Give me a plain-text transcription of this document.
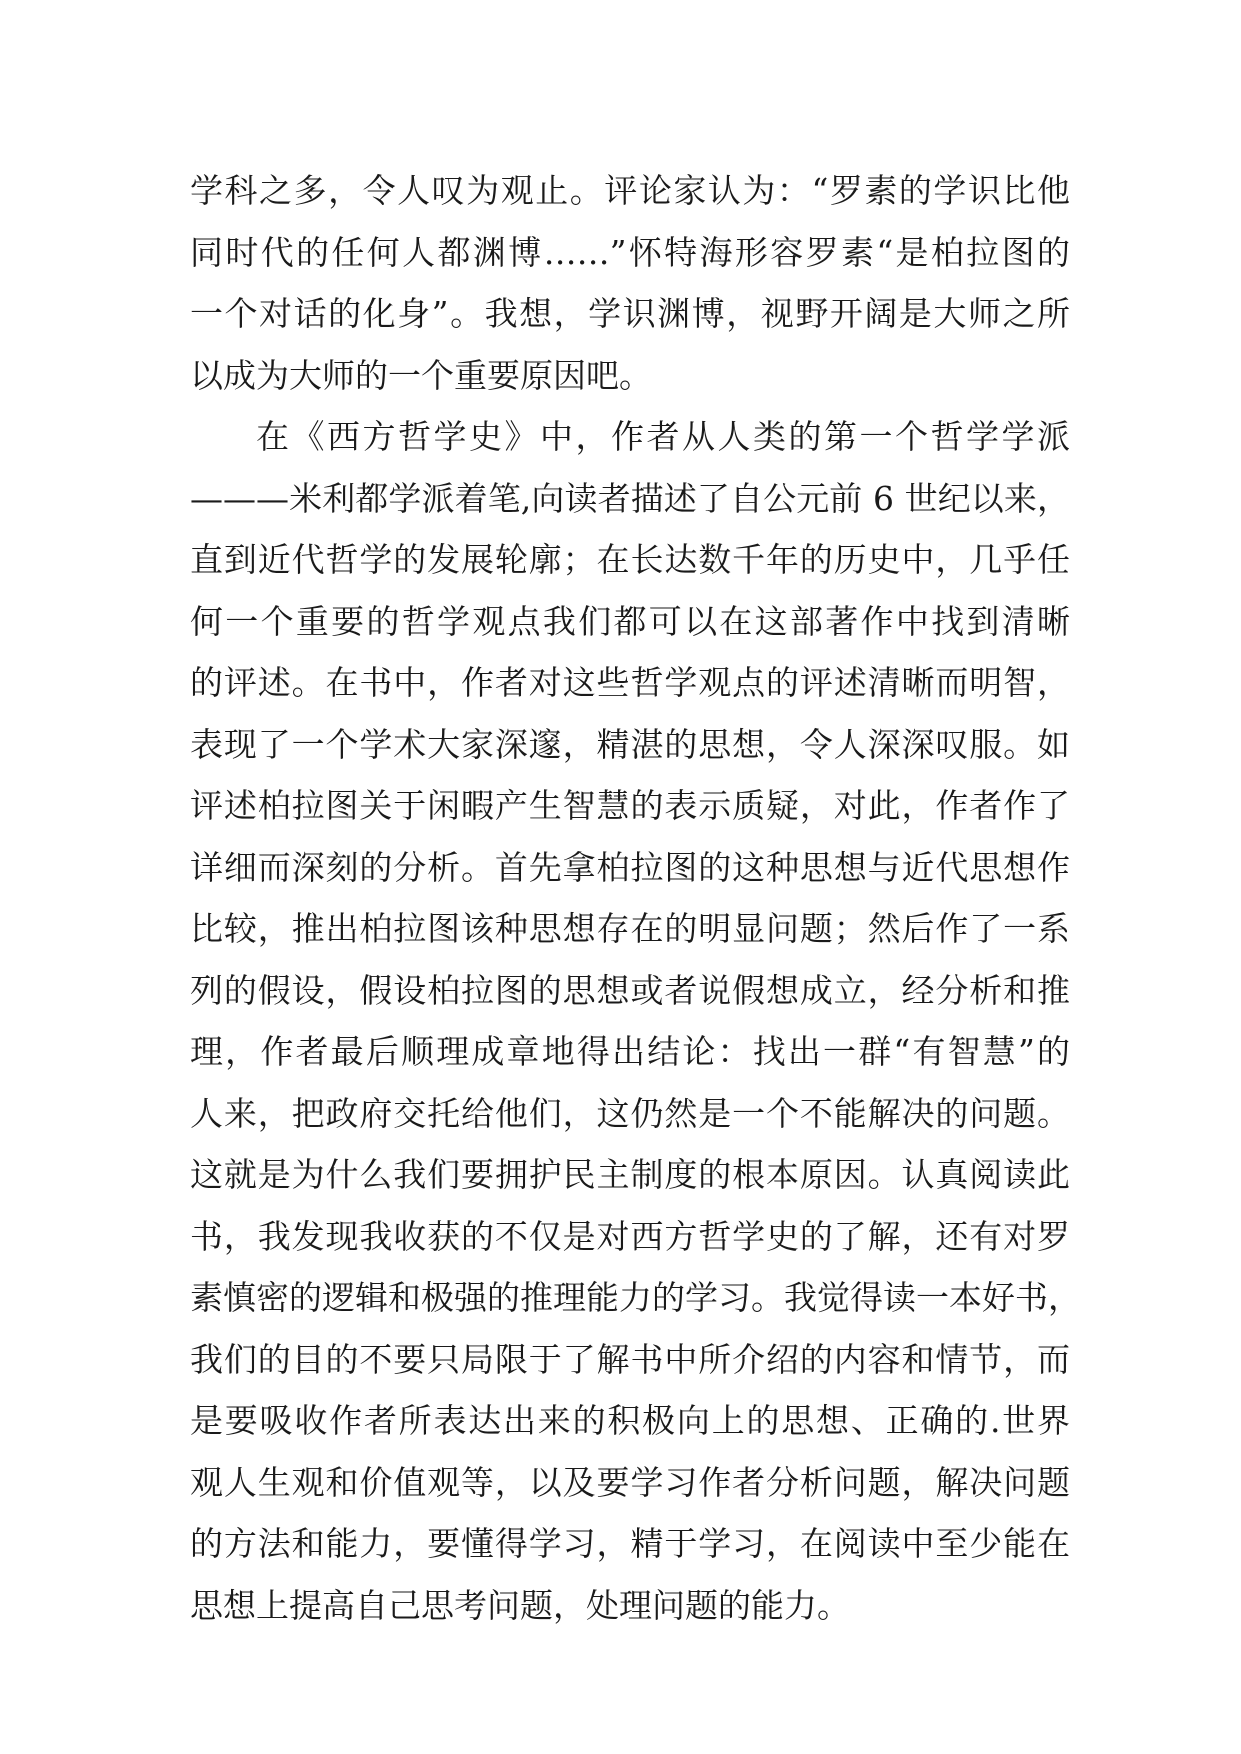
学科之多，令人叹为观止。评论家认为：“罗素的学识比他
同时代的任何人都渊博……”怀特海形容罗素“是柏拉图的
一个对话的化身”。我想，学识渊博，视野开阔是大师之所
以成为大师的一个重要原因吧。
在《西方哲学史》中，作者从人类的第一个哲学学派
———米利都学派着笔,向读者描述了自公元前 6 世纪以来，
直到近代哲学的发展轮廓；在长达数千年的历史中，几乎任
何一个重要的哲学观点我们都可以在这部著作中找到清晰
的评述。在书中，作者对这些哲学观点的评述清晰而明智，
表现了一个学术大家深邃，精湛的思想，令人深深叹服。如
评述柏拉图关于闲暇产生智慧的表示质疑，对此，作者作了
详细而深刻的分析。首先拿柏拉图的这种思想与近代思想作
比较，推出柏拉图该种思想存在的明显问题；然后作了一系
列的假设，假设柏拉图的思想或者说假想成立，经分析和推
理，作者最后顺理成章地得出结论：找出一群“有智慧”的
人来，把政府交托给他们，这仍然是一个不能解决的问题。
这就是为什么我们要拥护民主制度的根本原因。认真阅读此
书，我发现我收获的不仅是对西方哲学史的了解，还有对罗
素慎密的逻辑和极强的推理能力的学习。我觉得读一本好书，
我们的目的不要只局限于了解书中所介绍的内容和情节，而
是要吸收作者所表达出来的积极向上的思想、正确的.世界
观人生观和价值观等，以及要学习作者分析问题，解决问题
的方法和能力，要懂得学习，精于学习，在阅读中至少能在
思想上提高自己思考问题，处理问题的能力。
